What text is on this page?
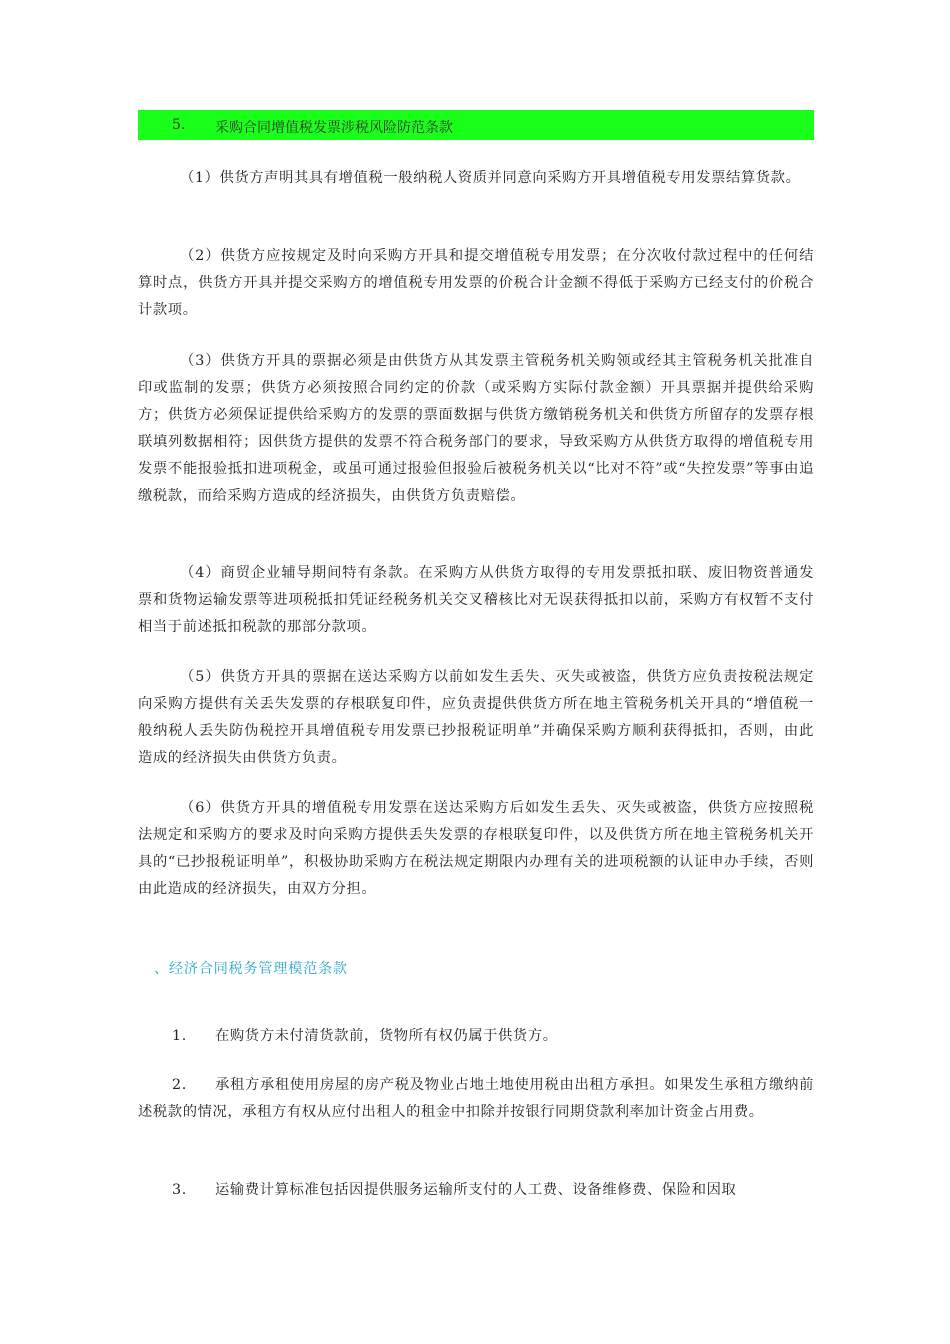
5. 采购合同增值税发票涉税风险防范条款

（1）供货方声明其具有增值税一般纳税人资质并同意向采购方开具增值税专用发票结算货款。

（2）供货方应按规定及时向采购方开具和提交增值税专用发票；在分次收付款过程中的任何结算时点，供货方开具并提交采购方的增值税专用发票的价税合计金额不得低于采购方已经支付的价税合计款项。

（3）供货方开具的票据必须是由供货方从其发票主管税务机关购领或经其主管税务机关批准自印或监制的发票；供货方必须按照合同约定的价款（或采购方实际付款金额）开具票据并提供给采购方；供货方必须保证提供给采购方的发票的票面数据与供货方缴销税务机关和供货方所留存的发票存根联填列数据相符；因供货方提供的发票不符合税务部门的要求，导致采购方从供货方取得的增值税专用发票不能报验抵扣进项税金，或虽可通过报验但报验后被税务机关以“比对不符”或“失控发票”等事由追缴税款，而给采购方造成的经济损失，由供货方负责赔偿。

（4）商贸企业辅导期间特有条款。在采购方从供货方取得的专用发票抵扣联、废旧物资普通发票和货物运输发票等进项税抵扣凭证经税务机关交叉稽核比对无误获得抵扣以前，采购方有权暂不支付相当于前述抵扣税款的那部分款项。

（5）供货方开具的票据在送达采购方以前如发生丢失、灭失或被盗，供货方应负责按税法规定向采购方提供有关丢失发票的存根联复印件，应负责提供供货方所在地主管税务机关开具的“增值税一般纳税人丢失防伪税控开具增值税专用发票已抄报税证明单”并确保采购方顺利获得抵扣，否则，由此造成的经济损失由供货方负责。

（6）供货方开具的增值税专用发票在送达采购方后如发生丢失、灭失或被盗，供货方应按照税法规定和采购方的要求及时向采购方提供丢失发票的存根联复印件，以及供货方所在地主管税务机关开具的“已抄报税证明单”，积极协助采购方在税法规定期限内办理有关的进项税额的认证申办手续，否则由此造成的经济损失，由双方分担。

、经济合同税务管理模范条款
1.	在购货方未付清货款前，货物所有权仍属于供货方。
2.	承租方承租使用房屋的房产税及物业占地土地使用税由出租方承担。如果发生承租方缴纳前述税款的情况，承租方有权从应付出租人的租金中扣除并按银行同期贷款利率加计资金占用费。
3.	运输费计算标准包括因提供服务运输所支付的人工费、设备维修费、保险和因取
